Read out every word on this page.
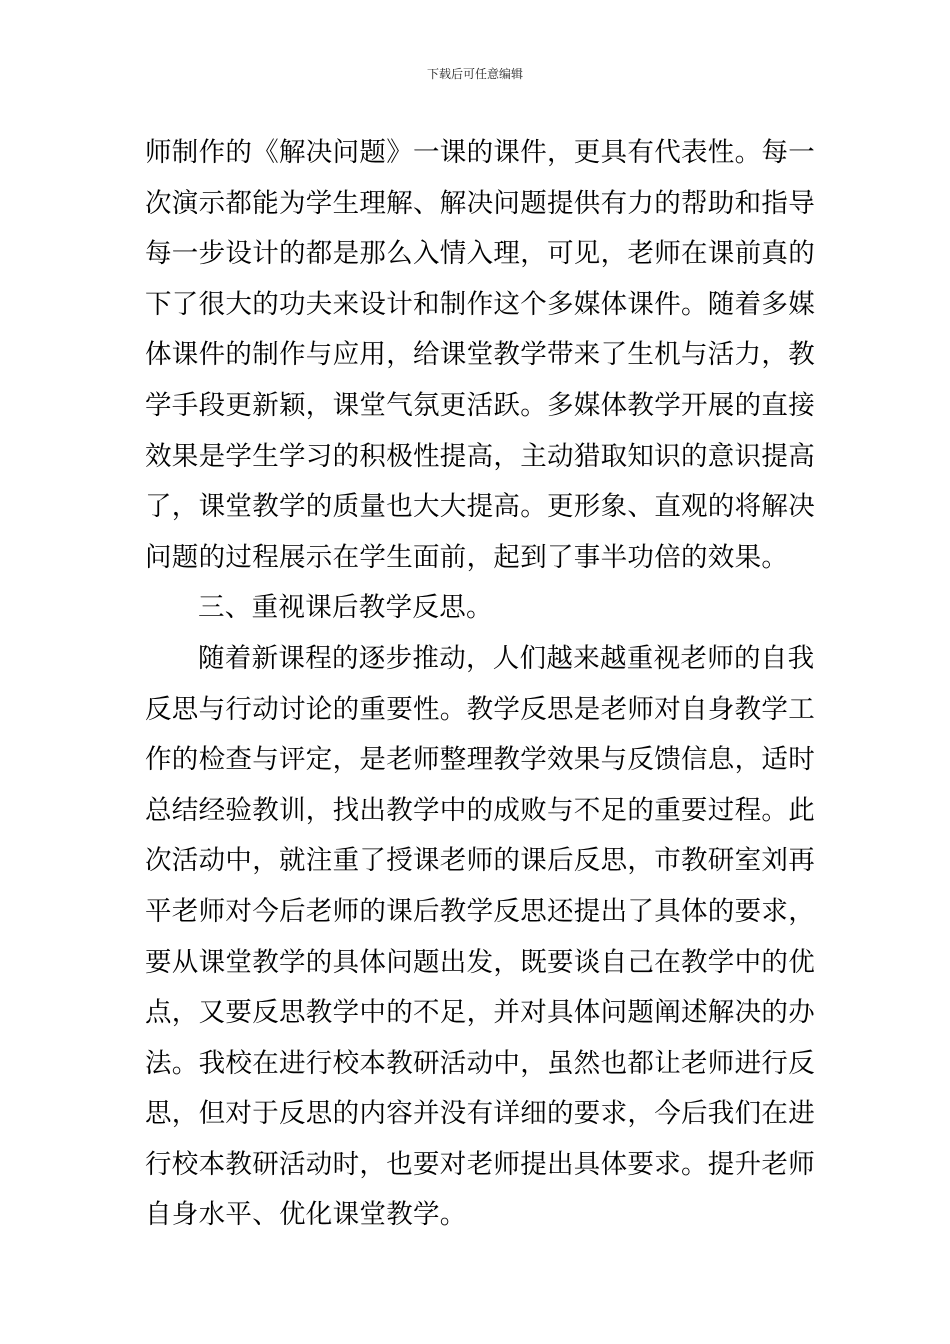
下载后可任意编辑
师制作的《解决问题》一课的课件，更具有代表性。每一
次演示都能为学生理解、解决问题提供有力的帮助和指导
每一步设计的都是那么入情入理，可见，老师在课前真的
下了很大的功夫来设计和制作这个多媒体课件。随着多媒
体课件的制作与应用，给课堂教学带来了生机与活力，教
学手段更新颖，课堂气氛更活跃。多媒体教学开展的直接
效果是学生学习的积极性提高，主动猎取知识的意识提高
了，课堂教学的质量也大大提高。更形象、直观的将解决
问题的过程展示在学生面前，起到了事半功倍的效果。
三、重视课后教学反思。
随着新课程的逐步推动，人们越来越重视老师的自我
反思与行动讨论的重要性。教学反思是老师对自身教学工
作的检查与评定，是老师整理教学效果与反馈信息，适时
总结经验教训，找出教学中的成败与不足的重要过程。此
次活动中，就注重了授课老师的课后反思，市教研室刘再
平老师对今后老师的课后教学反思还提出了具体的要求，
要从课堂教学的具体问题出发，既要谈自己在教学中的优
点，又要反思教学中的不足，并对具体问题阐述解决的办
法。我校在进行校本教研活动中，虽然也都让老师进行反
思，但对于反思的内容并没有详细的要求，今后我们在进
行校本教研活动时，也要对老师提出具体要求。提升老师
自身水平、优化课堂教学。
